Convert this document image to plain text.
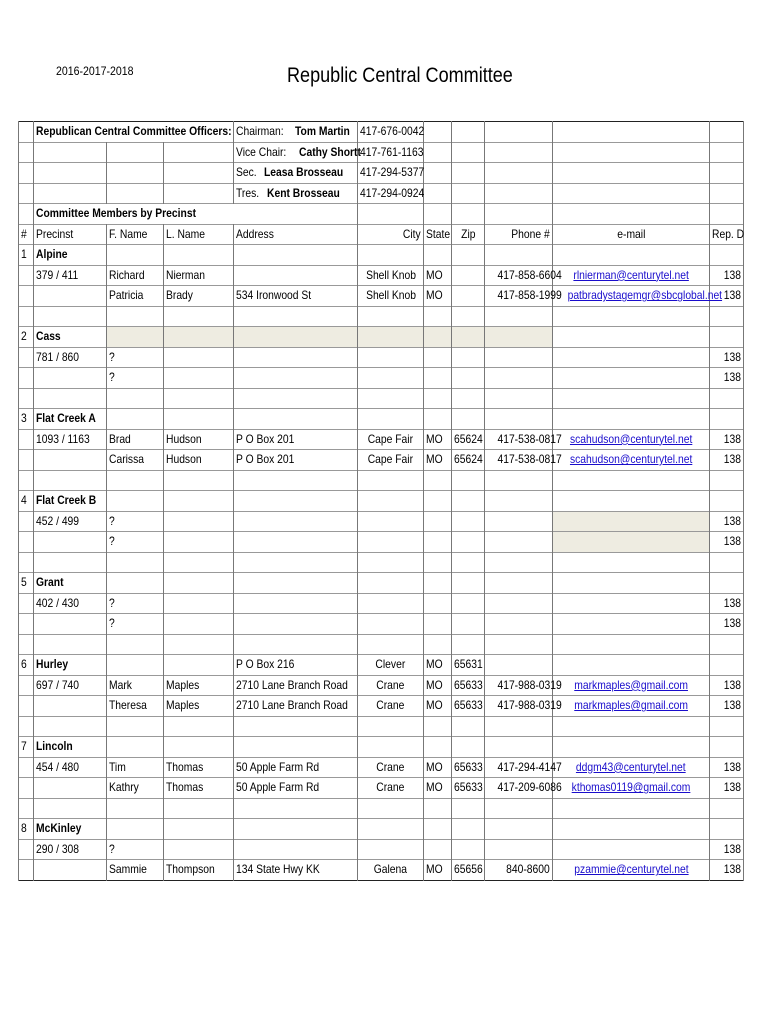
2016-2017-2018	Republic Central Committee
	Republican Central Committee Officers:			Chairman: Tom Martin	417-676-0042					
				Vice Chair: Cathy Shortt	417-761-1163					
				Sec. Leasa Brosseau	417-294-5377					
				Tres. Kent Brosseau	417-294-0924					
	Committee Members by Precinst									
#	Precinst	F. Name	L. Name	Address	City	State	Zip	Phone #	e-mail	Rep. D
1	Alpine									
	379 / 411	Richard	Nierman		Shell Knob	MO		417-858-6604	rlnierman@centurytel.net	138
		Patricia	Brady	534 Ironwood St	Shell Knob	MO		417-858-1999	patbradystagemgr@sbcglobal.net	138

2	Cass									
	781 / 860	?								138
		?								138

3	Flat Creek A									
	1093 / 1163	Brad	Hudson	P O Box 201	Cape Fair	MO	65624	417-538-0817	scahudson@centurytel.net	138
		Carissa	Hudson	P O Box 201	Cape Fair	MO	65624	417-538-0817	scahudson@centurytel.net	138

4	Flat Creek B									
	452 / 499	?								138
		?								138

5	Grant									
	402 / 430	?								138
		?								138

6	Hurley			P O Box 216	Clever	MO	65631			
	697 / 740	Mark	Maples	2710 Lane Branch Road	Crane	MO	65633	417-988-0319	markmaples@gmail.com	138
		Theresa	Maples	2710 Lane Branch Road	Crane	MO	65633	417-988-0319	markmaples@gmail.com	138

7	Lincoln									
	454 / 480	Tim	Thomas	50 Apple Farm Rd	Crane	MO	65633	417-294-4147	ddgm43@centurytel.net	138
		Kathry	Thomas	50 Apple Farm Rd	Crane	MO	65633	417-209-6086	kthomas0119@gmail.com	138

8	McKinley									
	290 / 308	?								138
		Sammie	Thompson	134 State Hwy KK	Galena	MO	65656	840-8600	pzammie@centurytel.net	138
